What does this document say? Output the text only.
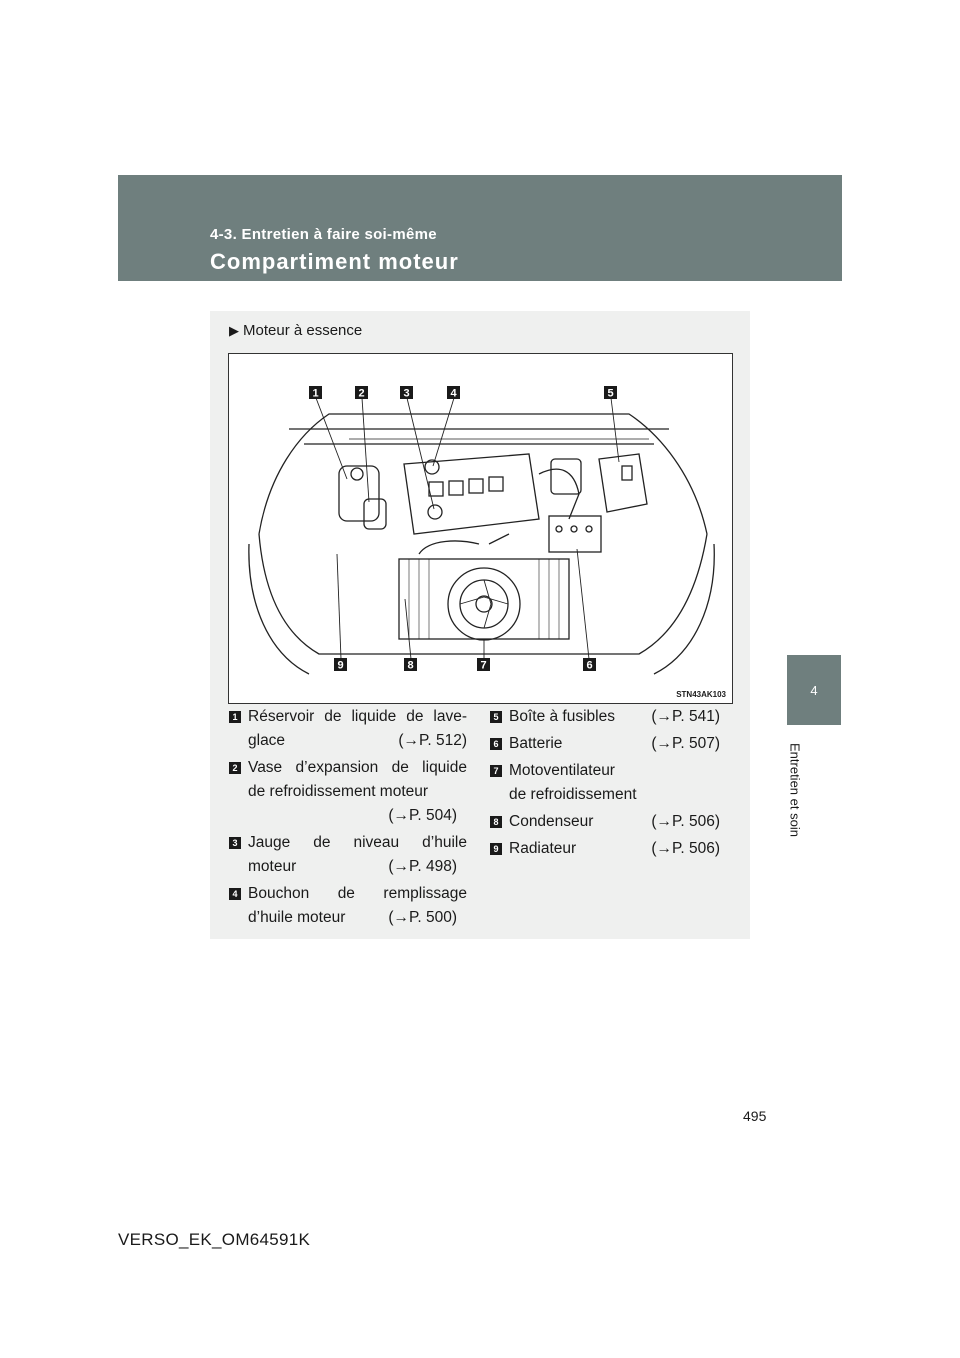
4-3. Entretien à faire soi-même
Compartiment moteur
4
Entretien et soin
▶ Moteur à essence
1	2	3	4	5
9	8	7	6
STN43AK103
1 Réservoir de liquide de lave-
glace	(→P. 512)
2 Vase d’expansion de liquide
de refroidissement moteur
(→P. 504)
3 Jauge de niveau d’huile
moteur	(→P. 498)
4 Bouchon de remplissage
d’huile moteur	(→P. 500)
5 Boîte à fusibles (→P. 541)
6 Batterie	(→P. 507)
7 Motoventilateur
de refroidissement
8 Condenseur	(→P. 506)
9 Radiateur	(→P. 506)
495
VERSO_EK_OM64591K
